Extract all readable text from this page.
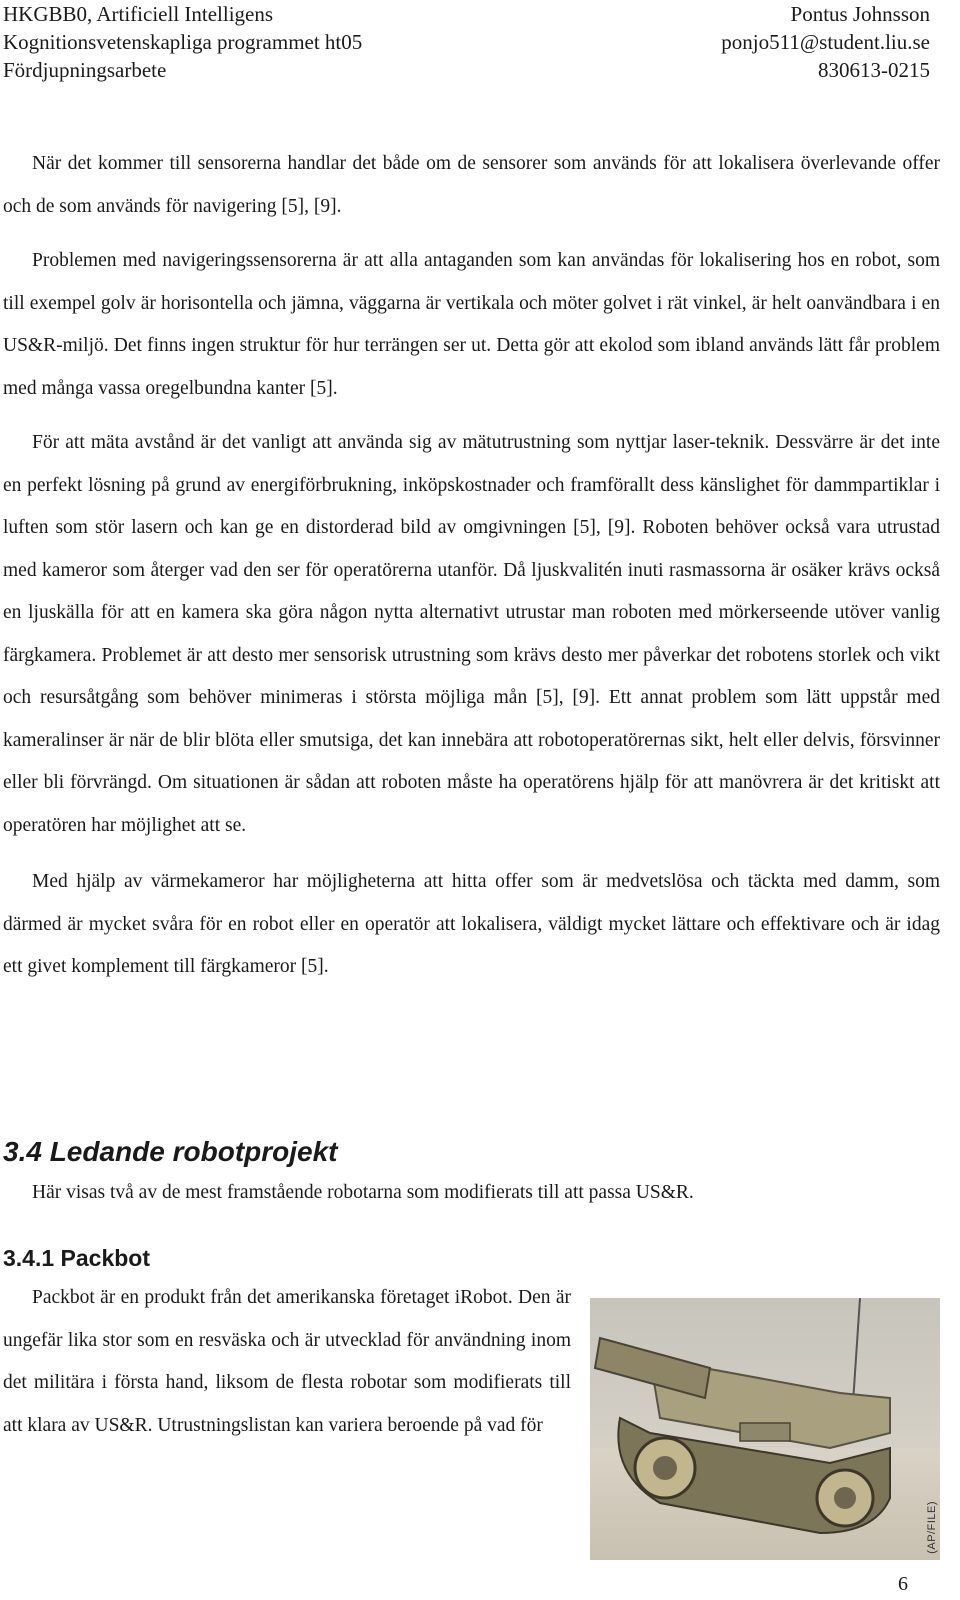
HKGBB0, Artificiell Intelligens
Kognitionsvetenskapliga programmet ht05
Fördjupningsarbete
Pontus Johnsson
ponjo511@student.liu.se
830613-0215

När det kommer till sensorerna handlar det både om de sensorer som används för att lokalisera överlevande offer och de som används för navigering [5], [9].

Problemen med navigeringssensorerna är att alla antaganden som kan användas för lokalisering hos en robot, som till exempel golv är horisontella och jämna, väggarna är vertikala och möter golvet i rät vinkel, är helt oanvändbara i en US&R-miljö. Det finns ingen struktur för hur terrängen ser ut. Detta gör att ekolod som ibland används lätt får problem med många vassa oregelbundna kanter [5].

För att mäta avstånd är det vanligt att använda sig av mätutrustning som nyttjar laser-teknik. Dessvärre är det inte en perfekt lösning på grund av energiförbrukning, inköpskostnader och framförallt dess känslighet för dammpartiklar i luften som stör lasern och kan ge en distorderad bild av omgivningen [5], [9]. Roboten behöver också vara utrustad med kameror som återger vad den ser för operatörerna utanför. Då ljuskvalitén inuti rasmassorna är osäker krävs också en ljuskälla för att en kamera ska göra någon nytta alternativt utrustar man roboten med mörkerseende utöver vanlig färgkamera. Problemet är att desto mer sensorisk utrustning som krävs desto mer påverkar det robotens storlek och vikt och resursåtgång som behöver minimeras i största möjliga mån [5], [9]. Ett annat problem som lätt uppstår med kameralinser är när de blir blöta eller smutsiga, det kan innebära att robotoperatörernas sikt, helt eller delvis, försvinner eller bli förvrängd. Om situationen är sådan att roboten måste ha operatörens hjälp för att manövrera är det kritiskt att operatören har möjlighet att se.

Med hjälp av värmekameror har möjligheterna att hitta offer som är medvetslösa och täckta med damm, som därmed är mycket svåra för en robot eller en operatör att lokalisera, väldigt mycket lättare och effektivare och är idag ett givet komplement till färgkameror [5].

3.4 Ledande robotprojekt
Här visas två av de mest framstående robotarna som modifierats till att passa US&R.
3.4.1 Packbot

Packbot är en produkt från det amerikanska företaget iRobot. Den är ungefär lika stor som en resväska och är utvecklad för användning inom det militära i första hand, liksom de flesta robotar som modifierats till att klara av US&R. Utrustningslistan kan variera beroende på vad för

(AP/FILE)
6
